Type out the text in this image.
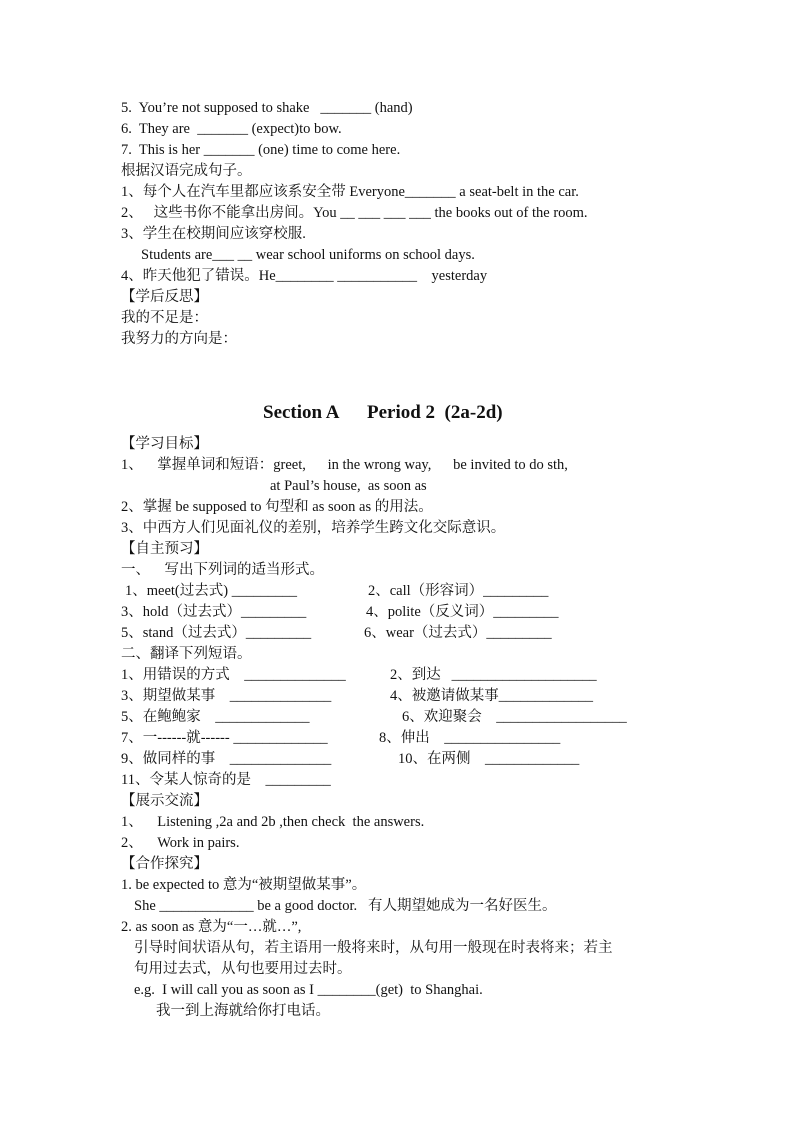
5.  You’re not supposed to shake   _______ (hand)
6.  They are  _______ (expect)to bow.
7.  This is her _______ (one) time to come here.
根据汉语完成句子。
1、每个人在汽车里都应该系安全带 Everyone_______ a seat-belt in the car.
2、   这些书你不能拿出房间。You __ ___ ___ ___ the books out of the room.
3、学生在校期间应该穿校服.
Students are___ __ wear school uniforms on school days.
4、昨天他犯了错误。He________ ___________    yesterday
【学后反思】
我的不足是：
我努力的方向是：
Section A      Period 2  (2a-2d)
【学习目标】
1、    掌握单词和短语：greet,      in the wrong way,      be invited to do sth,
at Paul’s house,  as soon as
2、掌握 be supposed to 句型和 as soon as 的用法。
3、中西方人们见面礼仪的差别，培养学生跨文化交际意识。
【自主预习】
一、    写出下列词的适当形式。
1、meet(过去式) _________	2、call（形容词）_________
3、hold（过去式）_________	4、polite（反义词）_________
5、stand（过去式）_________	6、wear（过去式）_________
二、翻译下列短语。
1、用错误的方式    ______________	2、到达   ____________________
3、期望做某事    ______________	4、被邀请做某事_____________
5、在鲍鲍家    _____________	6、欢迎聚会    __________________
7、一------就------ _____________	8、伸出    ________________
9、做同样的事    ______________	10、在两侧    _____________
11、令某人惊奇的是    _________
【展示交流】
1、    Listening ,2a and 2b ,then check  the answers.
2、    Work in pairs.
【合作探究】
1. be expected to 意为“被期望做某事”。
She _____________ be a good doctor.   有人期望她成为一名好医生。
2. as soon as 意为“一…就…”,
引导时间状语从句，若主语用一般将来时，从句用一般现在时表将来；若主
句用过去式，从句也要用过去时。
e.g.  I will call you as soon as I ________(get)  to Shanghai.
我一到上海就给你打电话。
